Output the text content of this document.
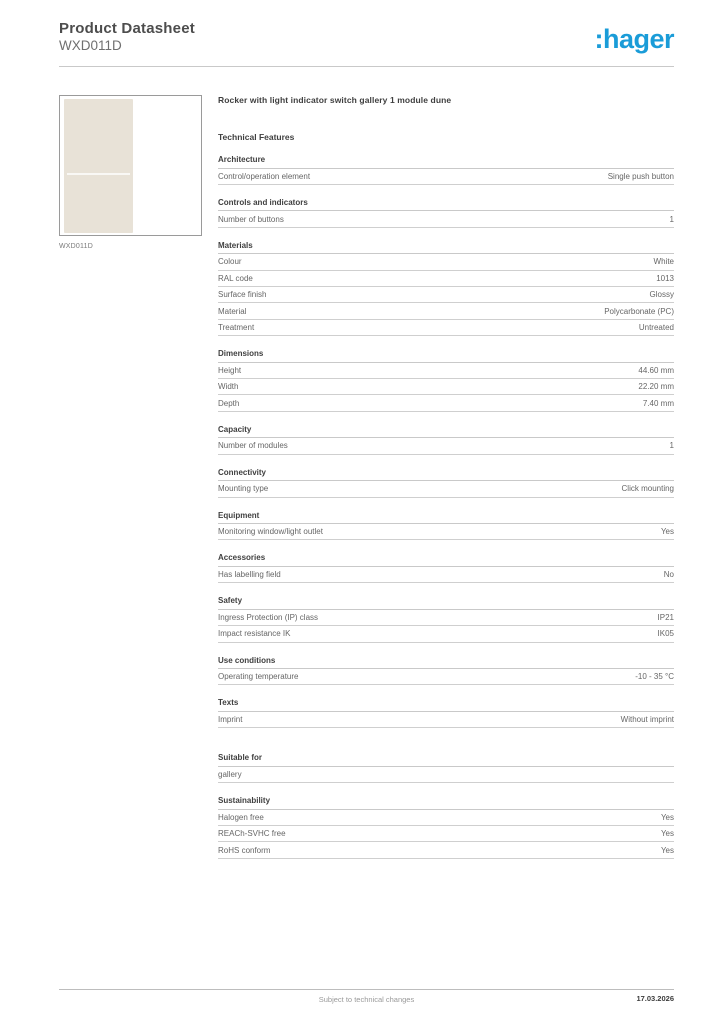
Product Datasheet
WXD011D	:hager
WXD011D
Rocker with light indicator switch gallery 1 module dune
Technical Features
Architecture
Control/operation element	Single push button
Controls and indicators
Number of buttons	1
Materials
Colour	White
RAL code	1013
Surface finish	Glossy
Material	Polycarbonate (PC)
Treatment	Untreated
Dimensions
Height	44.60 mm
Width	22.20 mm
Depth	7.40 mm
Capacity
Number of modules	1
Connectivity
Mounting type	Click mounting
Equipment
Monitoring window/light outlet	Yes
Accessories
Has labelling field	No
Safety
Ingress Protection (IP) class	IP21
Impact resistance IK	IK05
Use conditions
Operating temperature	-10 - 35 °C
Texts
Imprint	Without imprint
Suitable for
gallery
Sustainability
Halogen free	Yes
REACh-SVHC free	Yes
RoHS conform	Yes
Subject to technical changes	17.03.2026
